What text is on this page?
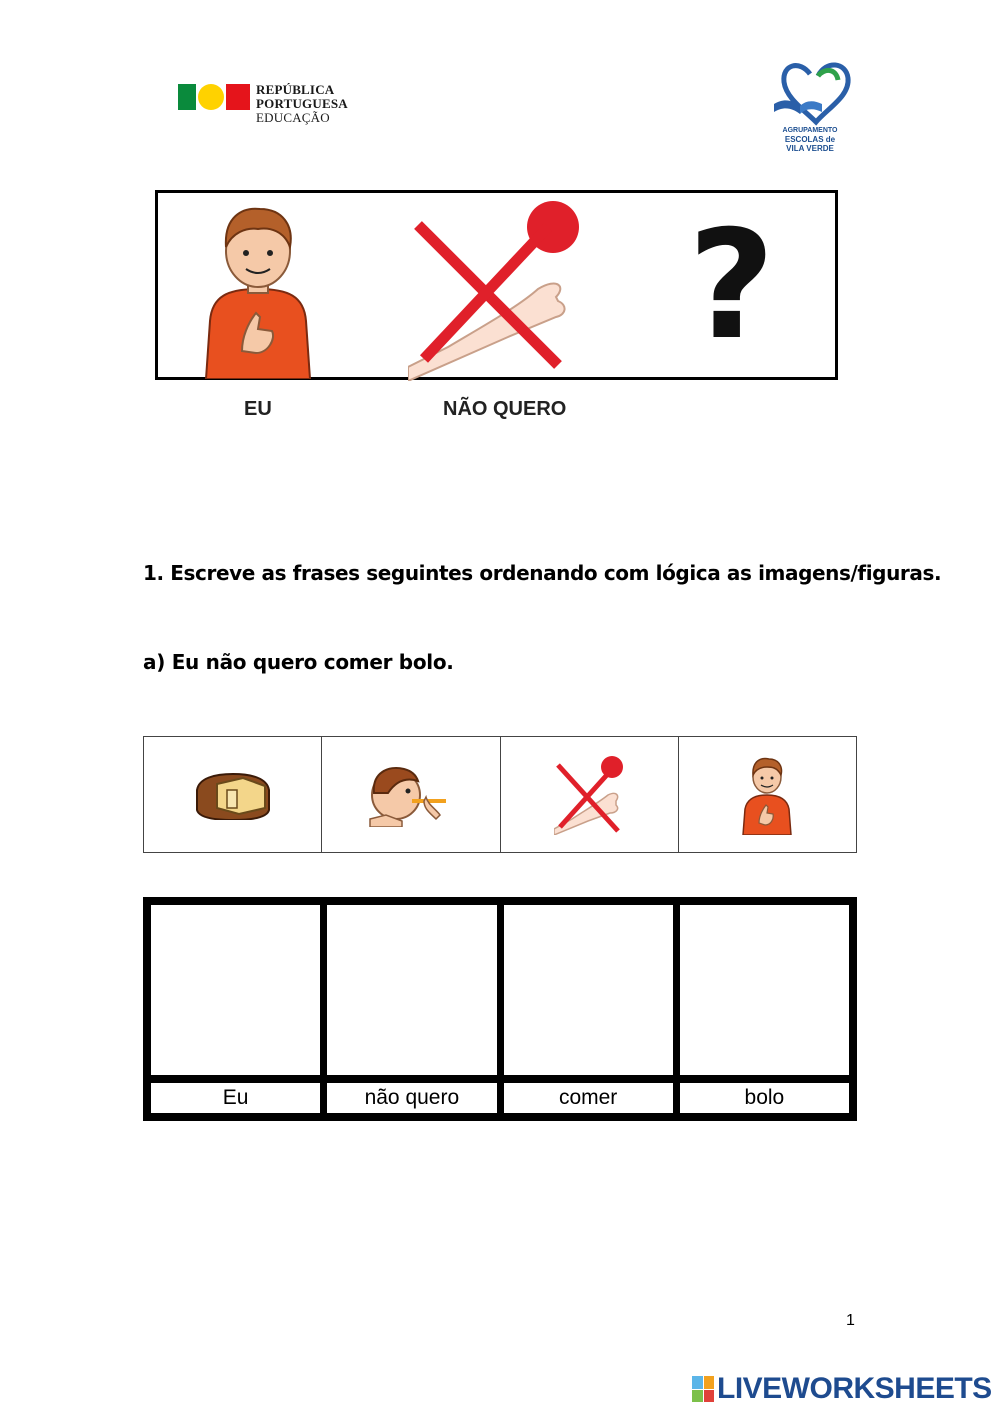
REPÚBLICA
PORTUGUESA
EDUCAÇÃO
AGRUPAMENTO
ESCOLAS de
VILA VERDE
?
EU	NÃO QUERO
1. Escreve as frases seguintes ordenando com lógica as imagens/figuras.
a) Eu não quero comer bolo.
Eu	não quero	comer	bolo
1
LIVEWORKSHEETS
